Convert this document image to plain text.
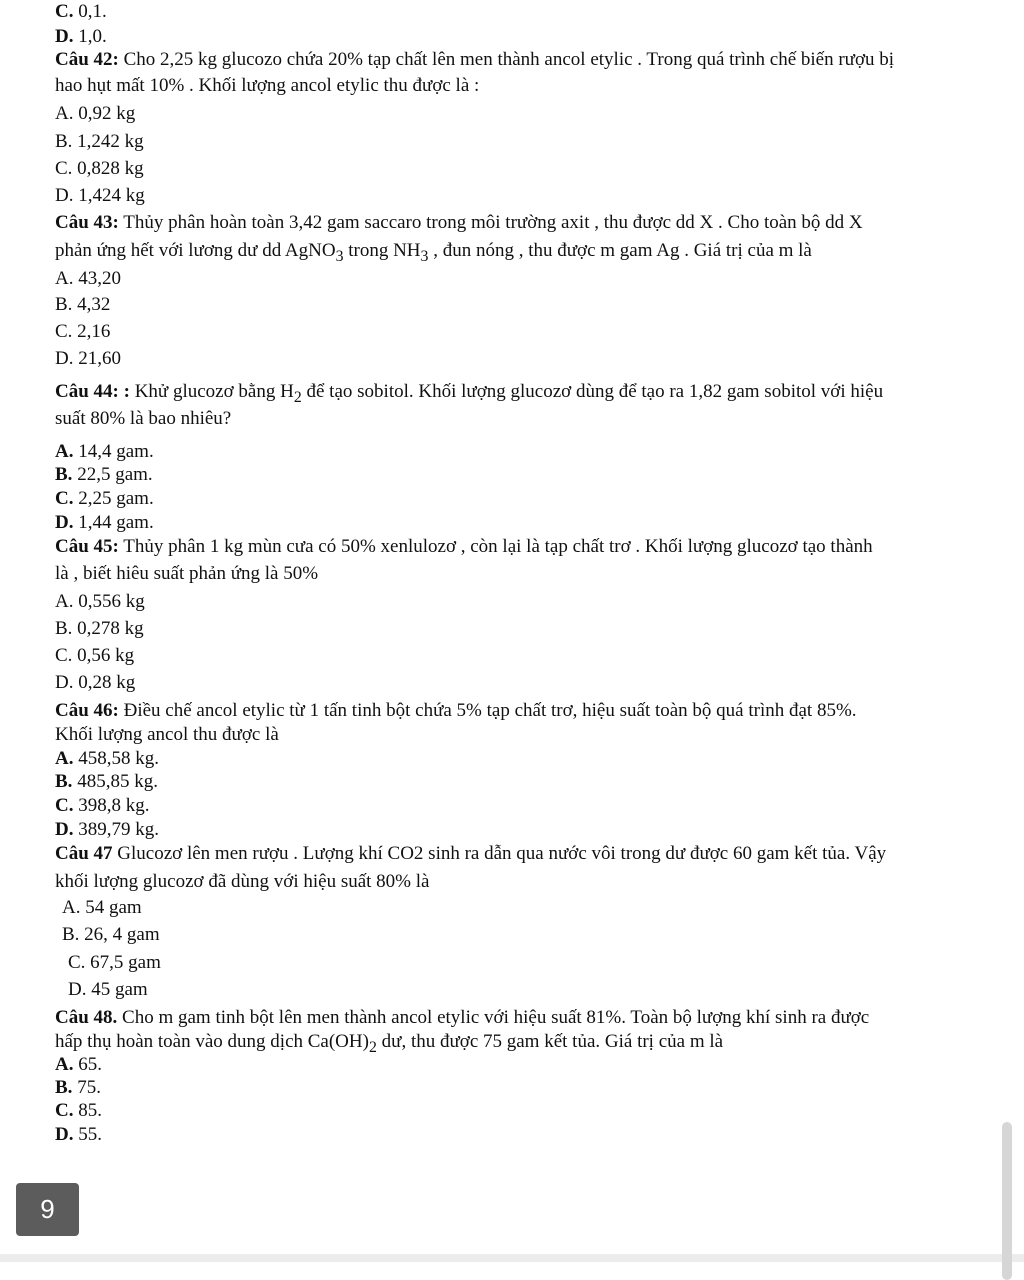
C. 0,1.
D. 1,0.
Câu 42: Cho 2,25 kg glucozo chứa 20% tạp chất lên men thành ancol etylic . Trong quá trình chế biến rượu bị
hao hụt mất 10% . Khối lượng ancol etylic thu được là :
A. 0,92 kg
B. 1,242 kg
C. 0,828 kg
D. 1,424 kg
Câu 43: Thủy phân hoàn toàn 3,42 gam saccaro trong môi trường axit , thu được dd X . Cho toàn bộ dd X
phản ứng hết với lương dư dd AgNO$_3$ trong $NH_3$ , đun nóng , thu được m gam Ag . Giá trị của m là
A. 43,20
B. 4,32
C. 2,16
D. 21,60
Câu 44: : Khử glucozơ bằng $H_2$ để tạo sobitol. Khối lượng glucozơ dùng để tạo ra 1,82 gam sobitol với hiệu
suất 80% là bao nhiêu?
A. 14,4 gam.
B. 22,5 gam.
C. 2,25 gam.
D. 1,44 gam.
Câu 45: Thủy phân 1 kg mùn cưa có 50% xenlulozơ , còn lại là tạp chất trơ . Khối lượng glucozơ tạo thành
là , biết hiêu suất phản ứng là 50%
A. 0,556 kg
B. 0,278 kg
C. 0,56 kg
D. 0,28 kg
Câu 46: Điều chế ancol etylic từ 1 tấn tinh bột chứa 5% tạp chất trơ, hiệu suất toàn bộ quá trình đạt 85%.
Khối lượng ancol thu được là
A. 458,58 kg.
B. 485,85 kg.
C. 398,8 kg.
D. 389,79 kg.
Câu 47 Glucozơ lên men rượu . Lượng khí CO2 sinh ra dẫn qua nước vôi trong dư được 60 gam kết tủa. Vậy
khối lượng glucozơ đã dùng với hiệu suất 80% là
A. 54 gam
B. 26, 4 gam
C. 67,5 gam
D. 45 gam
Câu 48. Cho m gam tinh bột lên men thành ancol etylic với hiệu suất 81%. Toàn bộ lượng khí sinh ra được
hấp thụ hoàn toàn vào dung dịch $Ca(OH)_2$ dư, thu được 75 gam kết tủa. Giá trị của m là
A. 65.
B. 75.
C. 85.
D. 55.
9
